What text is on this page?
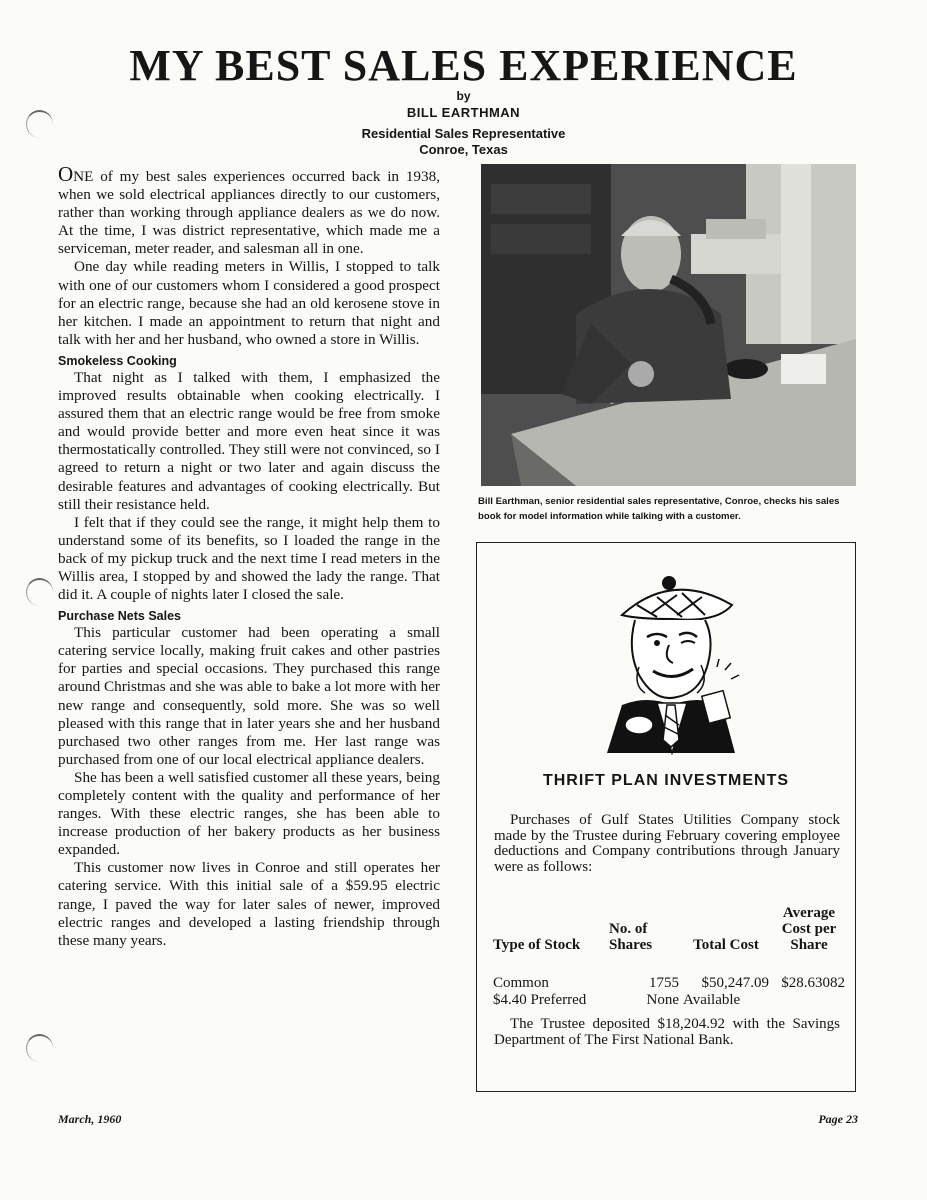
MY BEST SALES EXPERIENCE
by
BILL EARTHMAN
Residential Sales Representative
Conroe, Texas

ONE of my best sales experiences occurred back in 1938, when we sold electrical appliances directly to our customers, rather than working through appliance dealers as we do now. At the time, I was district representative, which made me a serviceman, meter reader, and salesman all in one.

One day while reading meters in Willis, I stopped to talk with one of our customers whom I considered a good prospect for an electric range, because she had an old kerosene stove in her kitchen. I made an appointment to return that night and talk with her and her husband, who owned a store in Willis.

Smokeless Cooking

That night as I talked with them, I emphasized the improved results obtainable when cooking electrically. I assured them that an electric range would be free from smoke and would provide better and more even heat since it was thermostatically controlled. They still were not convinced, so I agreed to return a night or two later and again discuss the desirable features and advantages of cooking electrically. But still their resistance held.

I felt that if they could see the range, it might help them to understand some of its benefits, so I loaded the range in the back of my pickup truck and the next time I read meters in the Willis area, I stopped by and showed the lady the range. That did it. A couple of nights later I closed the sale.

Purchase Nets Sales

This particular customer had been operating a small catering service locally, making fruit cakes and other pastries for parties and special occasions. They purchased this range around Christmas and she was able to bake a lot more with her new range and consequently, sold more. She was so well pleased with this range that in later years she and her husband purchased two other ranges from me. Her last range was purchased from one of our local electrical appliance dealers.

She has been a well satisfied customer all these years, being completely content with the quality and performance of her ranges. With these electric ranges, she has been able to increase production of her bakery products as her business expanded.

This customer now lives in Conroe and still operates her catering service. With this initial sale of a $59.95 electric range, I paved the way for later sales of newer, improved electric ranges and developed a lasting friendship through these many years.

Bill Earthman, senior residential sales representative, Conroe, checks his sales book for model information while talking with a customer.
THRIFT PLAN INVESTMENTS

Purchases of Gulf States Utilities Company stock made by the Trustee during February covering employee deductions and Company contributions through January were as follows:

Type of Stock	No. of Shares	Total Cost	Average Cost per Share
Common	1755	$50,247.09	$28.63082
$4.40 Preferred	None	Available	

The Trustee deposited $18,204.92 with the Savings Department of The First National Bank.

March, 1960	Page 23
